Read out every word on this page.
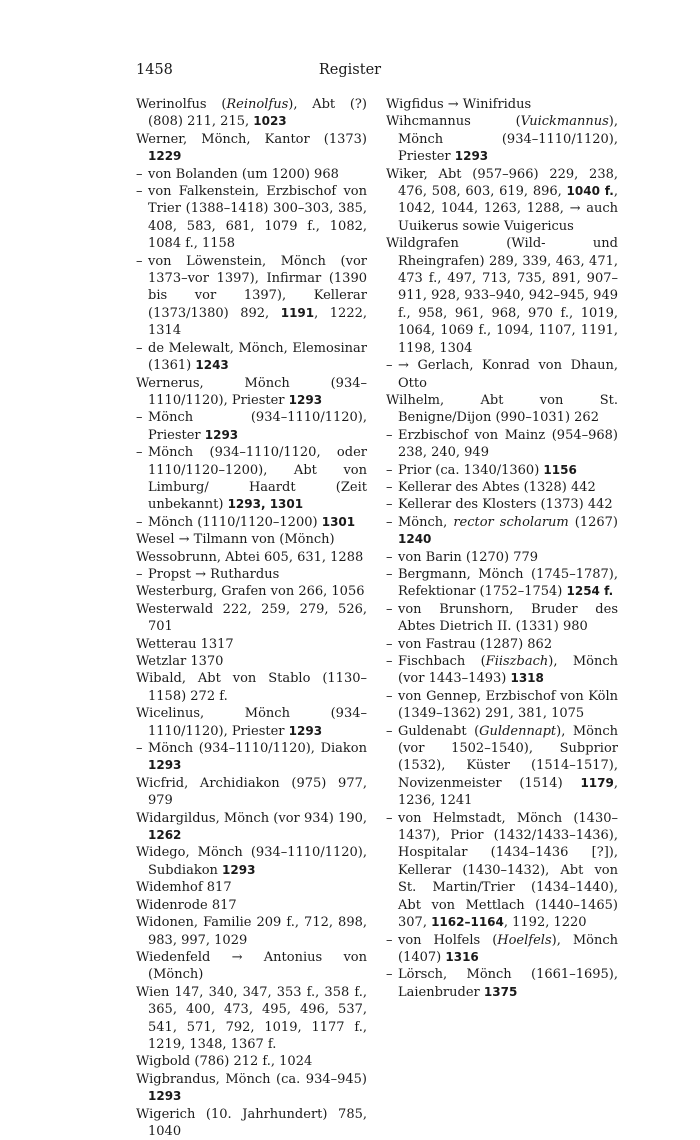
1458	Register

Werinolfus (Reinolfus), Abt (?) (808) 211, 215, 1023

Werner, Mönch, Kantor (1373) 1229

– von Bolanden (um 1200) 968

– von Falkenstein, Erzbischof von Trier (1388–1418) 300–303, 385, 408, 583, 681, 1079 f., 1082, 1084 f., 1158

– von Löwenstein, Mönch (vor 1373–vor 1397), Infirmar (1390 bis vor 1397), Kellerar (1373/1380) 892, 1191, 1222, 1314

– de Melewalt, Mönch, Elemosinar (1361) 1243

Wernerus, Mönch (934–1110/1120), Priester 1293

– Mönch (934–1110/1120), Priester 1293

– Mönch (934–1110/1120, oder 1110/1120–1200), Abt von Limburg/ Haardt (Zeit unbekannt) 1293, 1301

– Mönch (1110/1120–1200) 1301

Wesel → Tilmann von (Mönch)

Wessobrunn, Abtei 605, 631, 1288

– Propst → Ruthardus

Westerburg, Grafen von 266, 1056

Westerwald 222, 259, 279, 526, 701

Wetterau 1317

Wetzlar 1370

Wibald, Abt von Stablo (1130–1158) 272 f.

Wicelinus, Mönch (934–1110/1120), Priester 1293

– Mönch (934–1110/1120), Diakon 1293

Wicfrid, Archidiakon (975) 977, 979

Widargildus, Mönch (vor 934) 190, 1262

Widego, Mönch (934–1110/1120), Subdiakon 1293

Widemhof 817

Widenrode 817

Widonen, Familie 209 f., 712, 898, 983, 997, 1029

Wiedenfeld → Antonius von (Mönch)

Wien 147, 340, 347, 353 f., 358 f., 365, 400, 473, 495, 496, 537, 541, 571, 792, 1019, 1177 f., 1219, 1348, 1367 f.

Wigbold (786) 212 f., 1024

Wigbrandus, Mönch (ca. 934–945) 1293

Wigerich (10. Jahrhundert) 785, 1040

Wigfidus → Winifridus

Wihcmannus (Vuickmannus), Mönch (934–1110/1120), Priester 1293

Wiker, Abt (957–966) 229, 238, 476, 508, 603, 619, 896, 1040 f., 1042, 1044, 1263, 1288, → auch Uuikerus sowie Vuigericus

Wildgrafen (Wild- und Rheingrafen) 289, 339, 463, 471, 473 f., 497, 713, 735, 891, 907–911, 928, 933–940, 942–945, 949 f., 958, 961, 968, 970 f., 1019, 1064, 1069 f., 1094, 1107, 1191, 1198, 1304

– → Gerlach, Konrad von Dhaun, Otto

Wilhelm, Abt von St. Benigne/Dijon (990–1031) 262

– Erzbischof von Mainz (954–968) 238, 240, 949

– Prior (ca. 1340/1360) 1156

– Kellerar des Abtes (1328) 442

– Kellerar des Klosters (1373) 442

– Mönch, rector scholarum (1267) 1240

– von Barin (1270) 779

– Bergmann, Mönch (1745–1787), Refektionar (1752–1754) 1254 f.

– von Brunshorn, Bruder des Abtes Dietrich II. (1331) 980

– von Fastrau (1287) 862

– Fischbach (Fiiszbach), Mönch (vor 1443–1493) 1318

– von Gennep, Erzbischof von Köln (1349–1362) 291, 381, 1075

– Guldenabt (Guldennapt), Mönch (vor 1502–1540), Subprior (1532), Küster (1514–1517), Novizenmeister (1514) 1179, 1236, 1241

– von Helmstadt, Mönch (1430–1437), Prior (1432/1433–1436), Hospitalar (1434–1436 [?]), Kellerar (1430–1432), Abt von St. Martin/Trier (1434–1440), Abt von Mettlach (1440–1465) 307, 1162–1164, 1192, 1220

– von Holfels (Hoelfels), Mönch (1407) 1316

– Lörsch, Mönch (1661–1695), Laienbruder 1375
